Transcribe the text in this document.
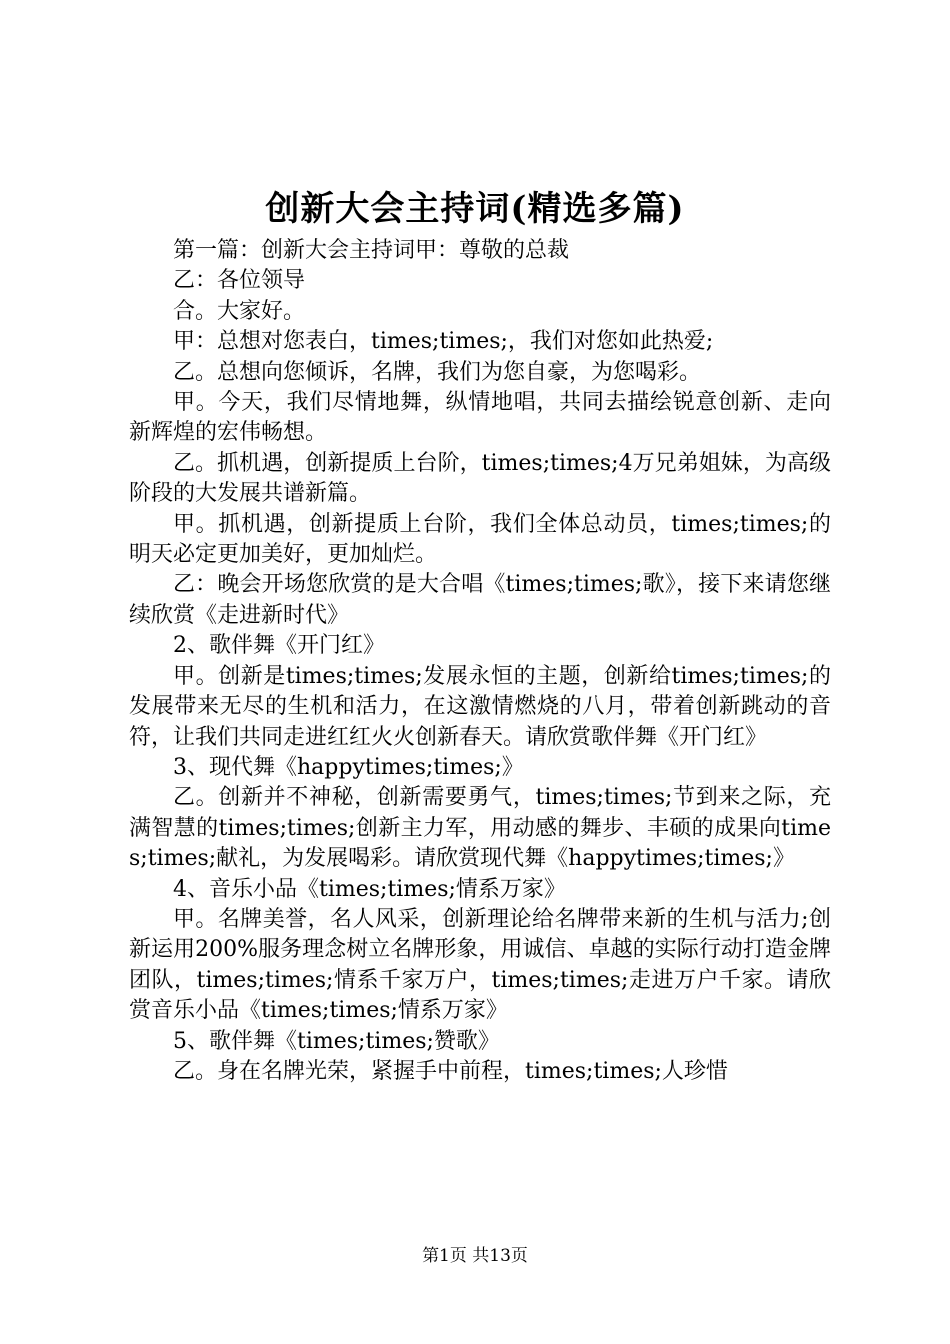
创新大会主持词(精选多篇)

第一篇：创新大会主持词甲：尊敬的总裁

乙：各位领导

合。大家好。

甲：总想对您表白，times;times;，我们对您如此热爱;

乙。总想向您倾诉，名牌，我们为您自豪，为您喝彩。

甲。今天，我们尽情地舞，纵情地唱，共同去描绘锐意创新、走向新辉煌的宏伟畅想。

乙。抓机遇，创新提质上台阶，times;times;4万兄弟姐妹，为高级阶段的大发展共谱新篇。

甲。抓机遇，创新提质上台阶，我们全体总动员，times;times;的明天必定更加美好，更加灿烂。

乙：晚会开场您欣赏的是大合唱《times;times;歌》，接下来请您继续欣赏《走进新时代》

2、歌伴舞《开门红》

甲。创新是times;times;发展永恒的主题，创新给times;times;的发展带来无尽的生机和活力，在这激情燃烧的八月，带着创新跳动的音符，让我们共同走进红红火火创新春天。请欣赏歌伴舞《开门红》

3、现代舞《happytimes;times;》

乙。创新并不神秘，创新需要勇气，times;times;节到来之际，充满智慧的times;times;创新主力军，用动感的舞步、丰硕的成果向times;times;献礼，为发展喝彩。请欣赏现代舞《happytimes;times;》

4、音乐小品《times;times;情系万家》

甲。名牌美誉，名人风采，创新理论给名牌带来新的生机与活力;创新运用200%服务理念树立名牌形象，用诚信、卓越的实际行动打造金牌团队，times;times;情系千家万户，times;times;走进万户千家。请欣赏音乐小品《times;times;情系万家》

5、歌伴舞《times;times;赞歌》

乙。身在名牌光荣，紧握手中前程，times;times;人珍惜

第1页 共13页
